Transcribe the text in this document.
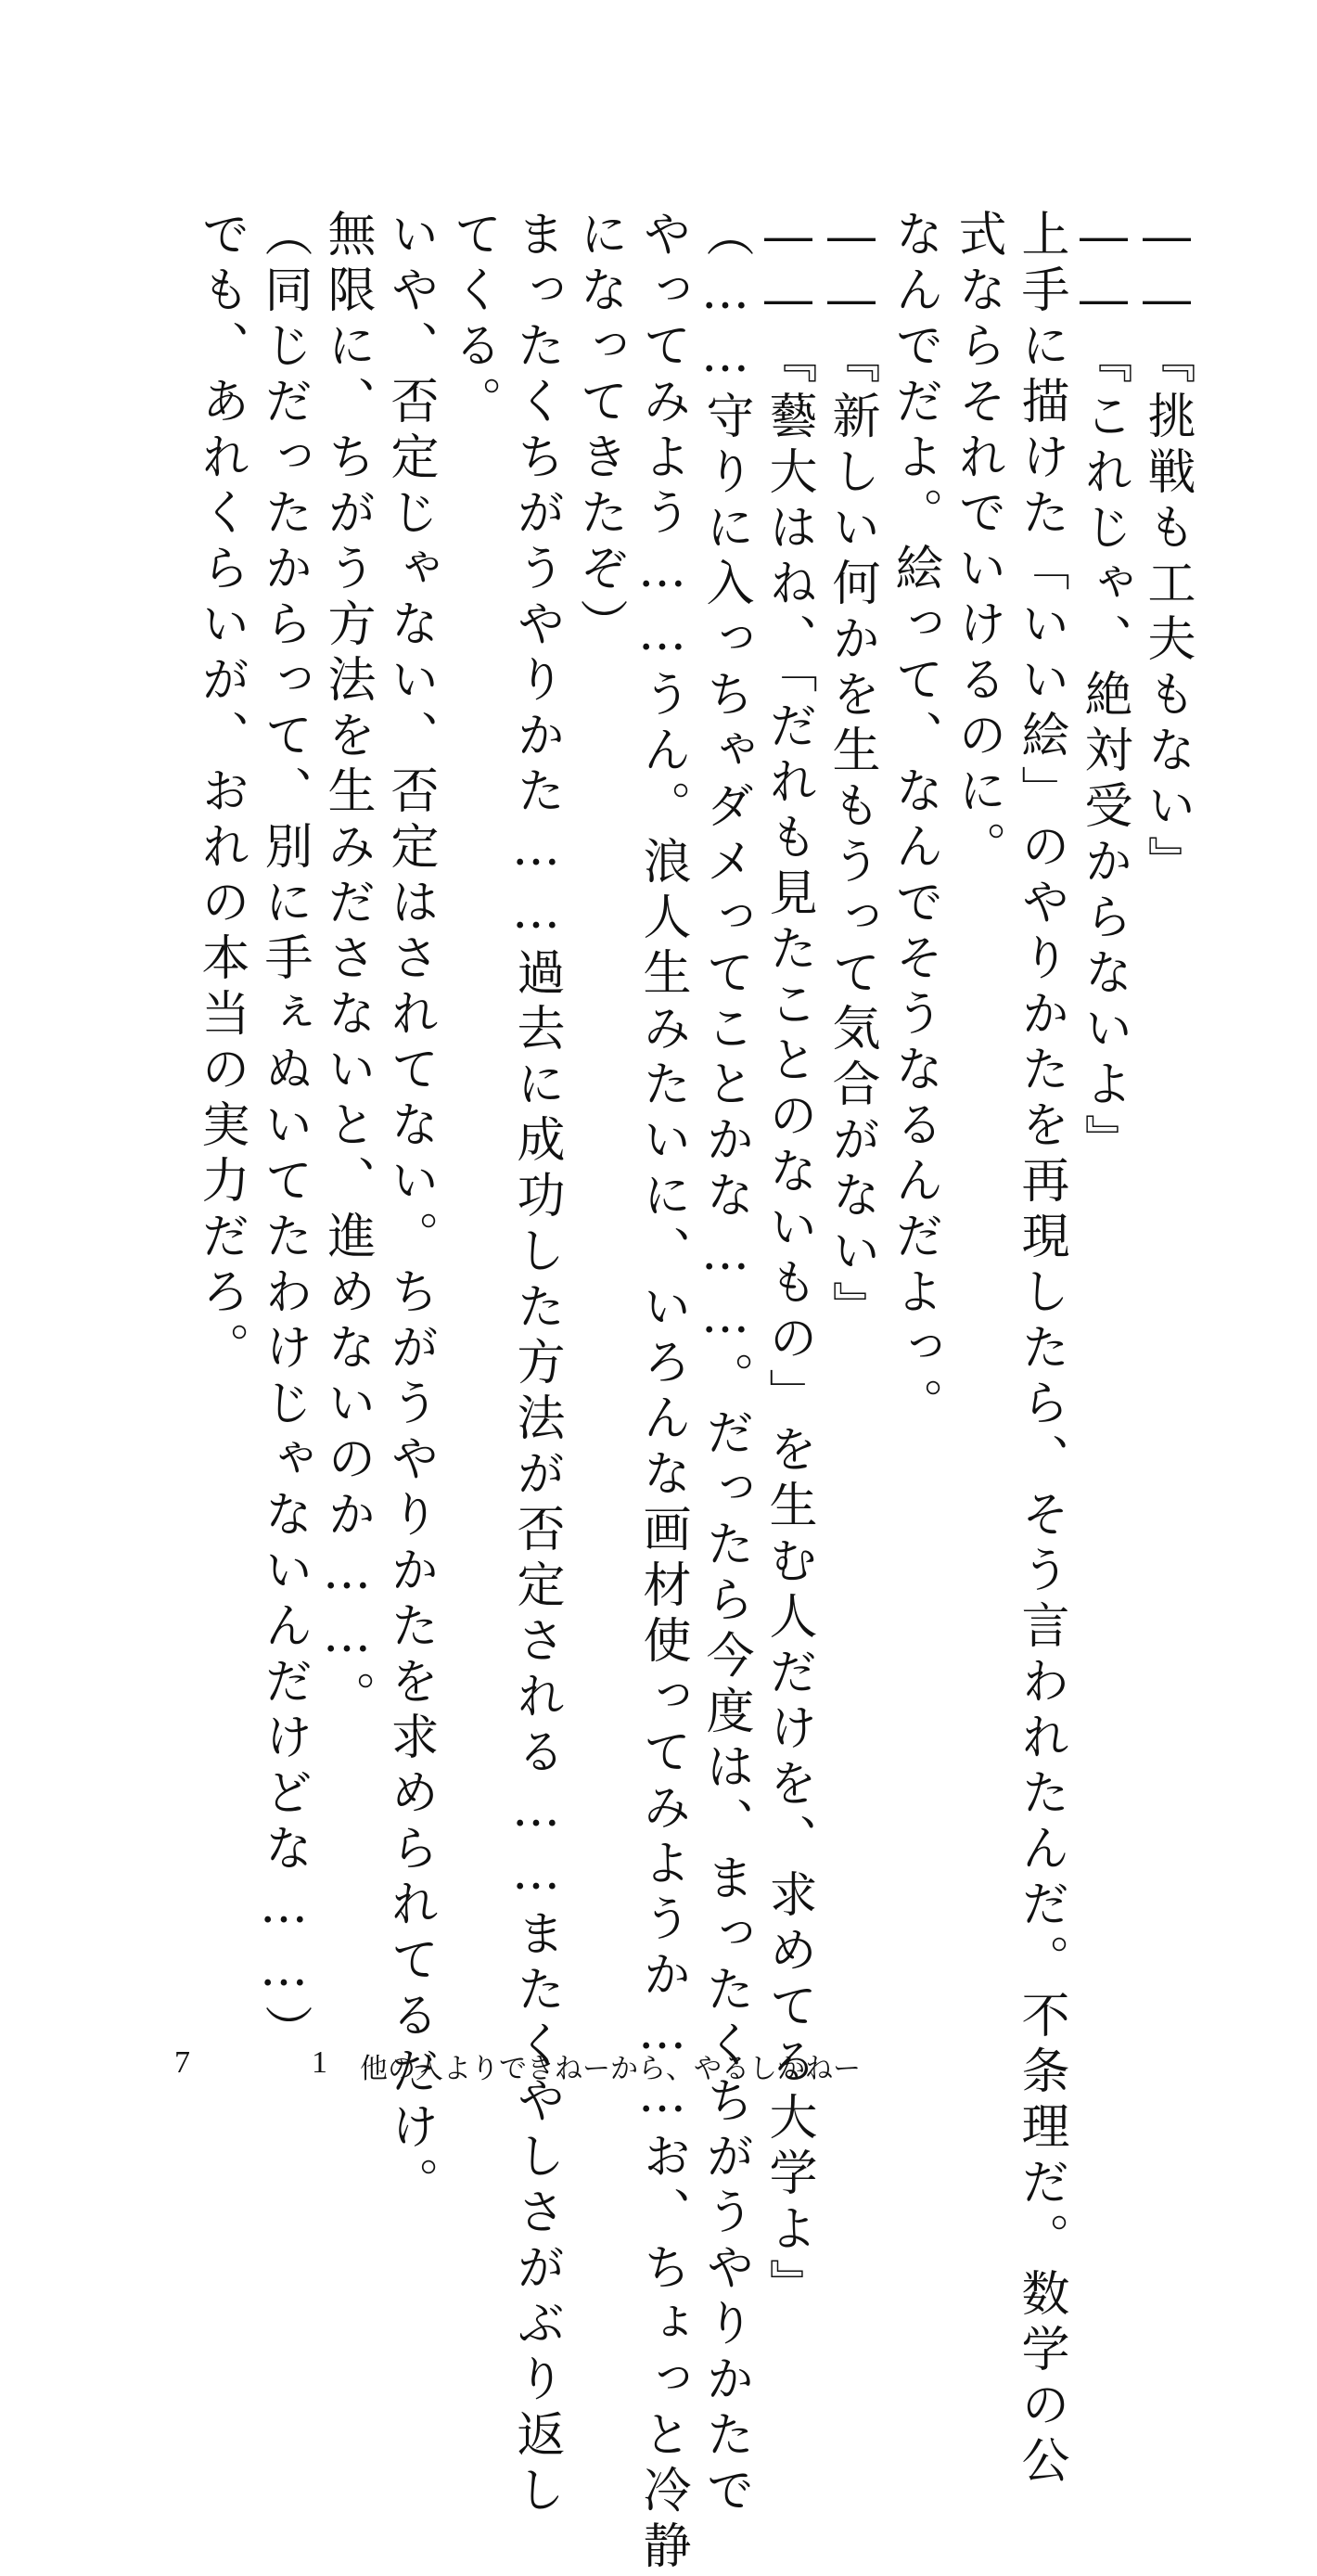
――『挑戦も工夫もない』
――『これじゃ、絶対受からないよ』
上手に描けた「いい絵」のやりかたを再現したら、そう言われたんだ。不条理だ。数学の公
式ならそれでいけるのに。
なんでだよ。絵って、なんでそうなるんだよっ。
――『新しい何かを生もうって気合がない』
――『藝大はね、「だれも見たことのないもの」を生む人だけを、求めてる大学よ』
（……守りに入っちゃダメってことかな……。だったら今度は、まったくちがうやりかたで
やってみよう……うん。浪人生みたいに、いろんな画材使ってみようか……お、ちょっと冷静
になってきたぞ）
まったくちがうやりかた……過去に成功した方法が否定される……またくやしさがぶり返し
てくる。
いや、否定じゃない、否定はされてない。ちがうやりかたを求められてるだけ。
無限に、ちがう方法を生みださないと、進めないのか……。
（同じだったからって、別に手ぇぬいてたわけじゃないんだけどな……）
でも、あれくらいが、おれの本当の実力だろ。
7	1 他の人よりできねーから、やるしかねー
